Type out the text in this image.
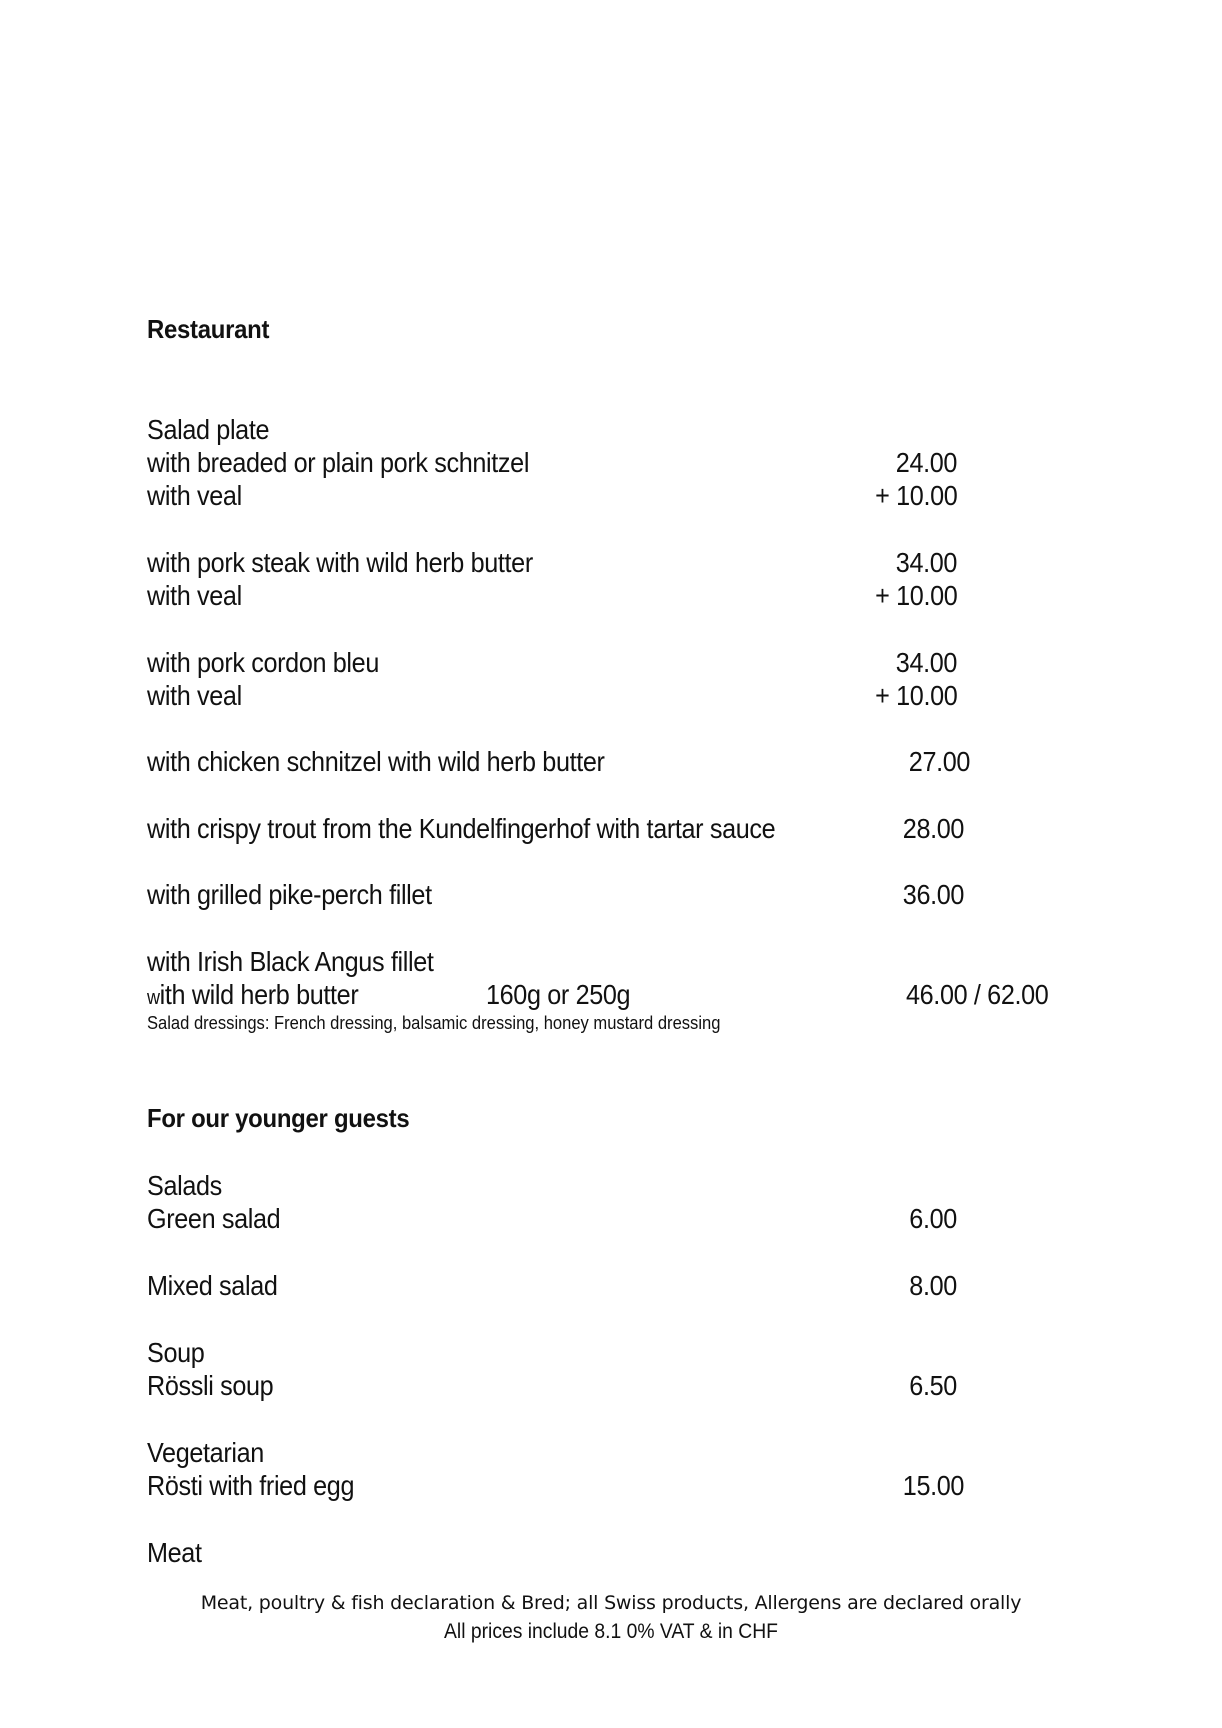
Restaurant
Salad plate
with breaded or plain pork schnitzel	24.00
with veal	+ 10.00
with pork steak with wild herb butter	34.00
with veal	+ 10.00
with pork cordon bleu	34.00
with veal	+ 10.00
with chicken schnitzel with wild herb butter	27.00
with crispy trout from the Kundelfingerhof with tartar sauce	28.00
with grilled pike-perch fillet	36.00
with Irish Black Angus fillet
with wild herb butter	160g or 250g	46.00 / 62.00
Salad dressings: French dressing, balsamic dressing, honey mustard dressing
For our younger guests
Salads
Green salad	6.00
Mixed salad	8.00
Soup
Rössli soup	6.50
Vegetarian
Rösti with fried egg	15.00
Meat
Meat, poultry & fish declaration & Bred; all Swiss products, Allergens are declared orally
All prices include 8.1 0% VAT & in CHF
